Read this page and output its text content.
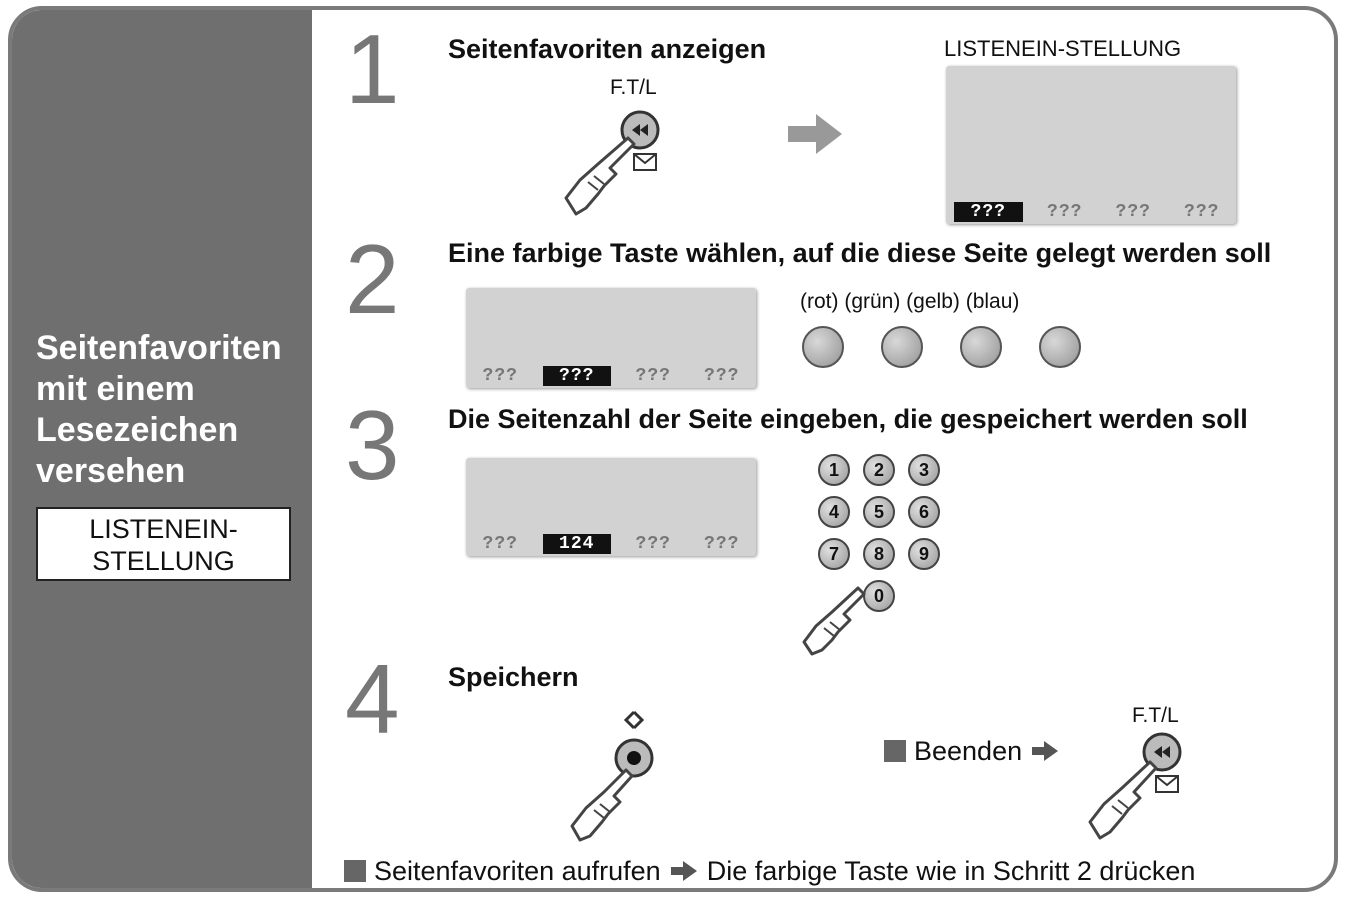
Seitenfavoriten
mit einem
Lesezeichen
versehen
LISTENEIN-
STELLUNG
1 Seitenfavoriten anzeigen
F.T/L
LISTENEIN-STELLUNG
???	???	???	???
2 Eine farbige Taste wählen, auf die diese Seite gelegt werden soll
???	???	???	???
(rot) (grün) (gelb) (blau)
3 Die Seitenzahl der Seite eingeben, die gespeichert werden soll
???	124	???	???
1	2	3
4	5	6
7	8	9
0
4 Speichern
Beenden
F.T/L
Seitenfavoriten aufrufen Die farbige Taste wie in Schritt 2 drücken
